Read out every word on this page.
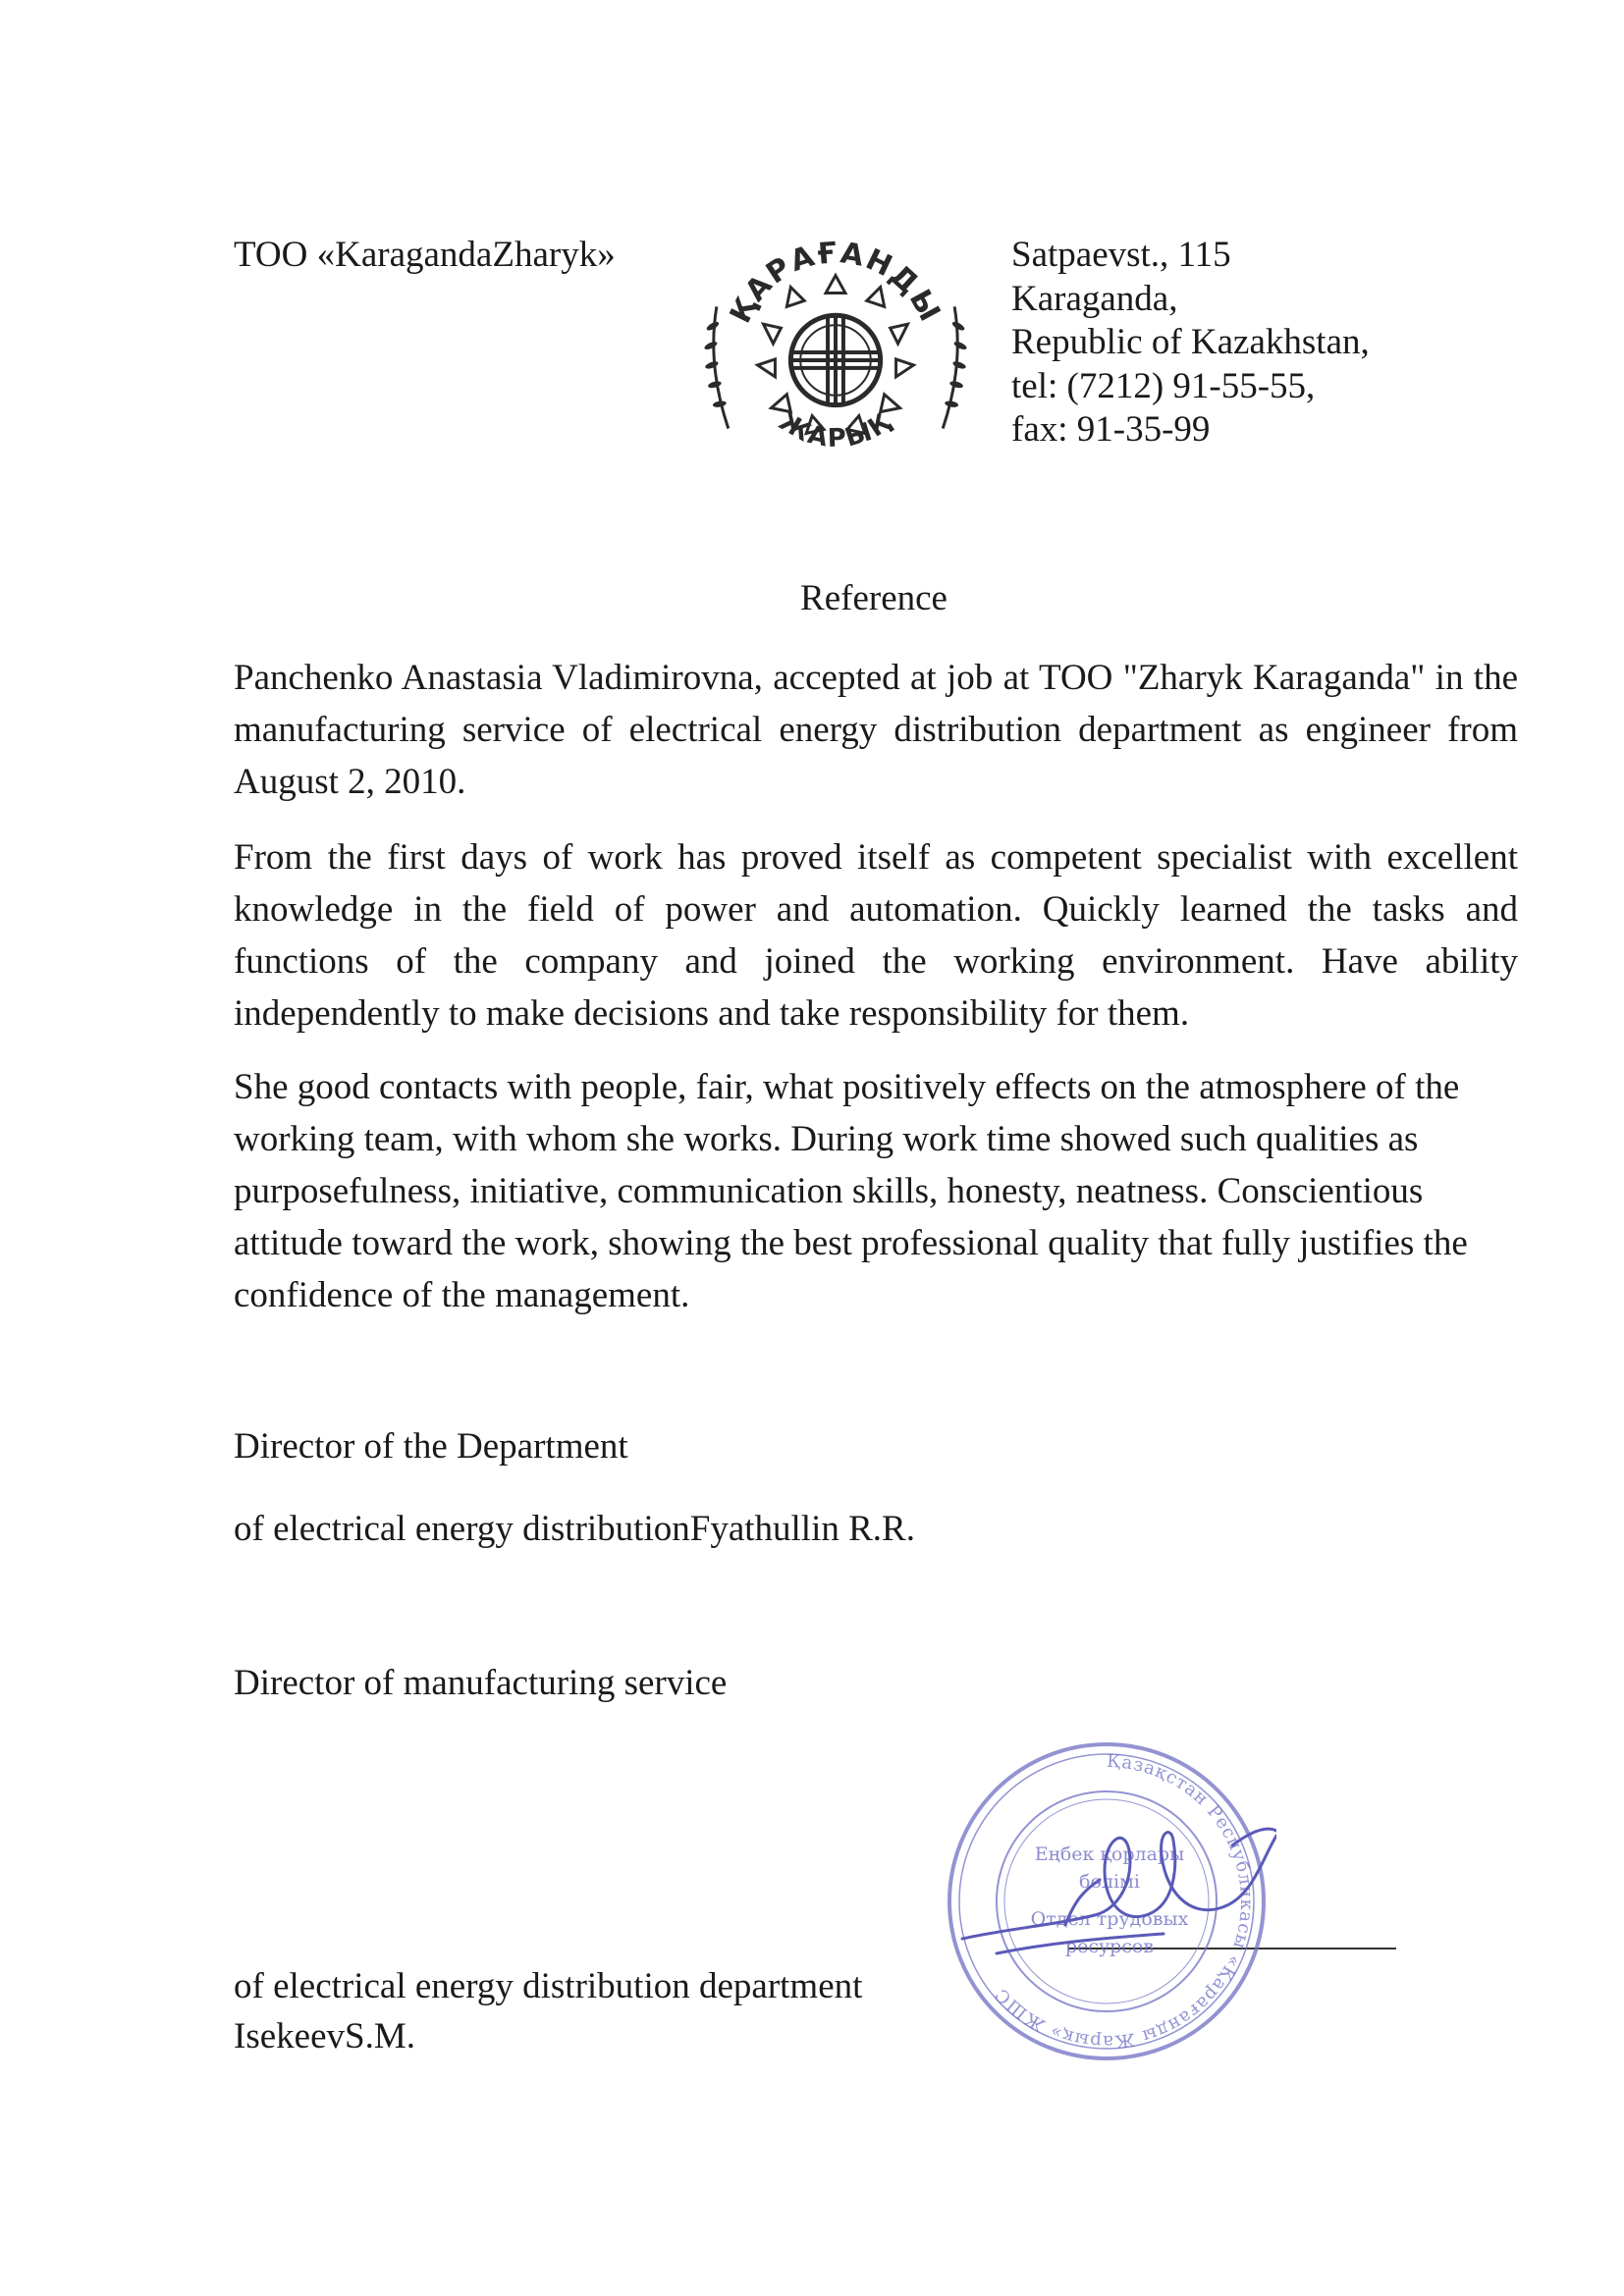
TOO «KaragandaZharyk»
ҚАРАҒАНДЫ
ЖАРЫҚ
Satpaevst., 115
Karaganda,
Republic of Kazakhstan,
tel: (7212) 91-55-55,
fax: 91-35-99
Reference
Panchenko Anastasia Vladimirovna, accepted at job at TOO "Zharyk Karaganda" in the manufacturing service of electrical energy distribution department as engineer from August 2, 2010.
From the first days of work has proved itself as competent specialist with excellent knowledge in the field of power and automation. Quickly learned the tasks and functions of the company and joined the working environment. Have ability independently to make decisions and take responsibility for them.
She good contacts with people, fair, what positively effects on the atmosphere of the working team, with whom she works. During work time showed such qualities as purposefulness, initiative, communication skills, honesty, neatness. Conscientious attitude toward the work, showing the best professional quality that fully justifies the confidence of the management.
Director of the Department
of electrical energy distributionFyathullin R.R.
Director of manufacturing service
of electrical energy distribution department
IsekeevS.M.
Қазақстан Республикасы «Қарағанды Жарық» ЖШС
Еңбек қорлары
бөлімі
Отдел трудовых
ресурсов
